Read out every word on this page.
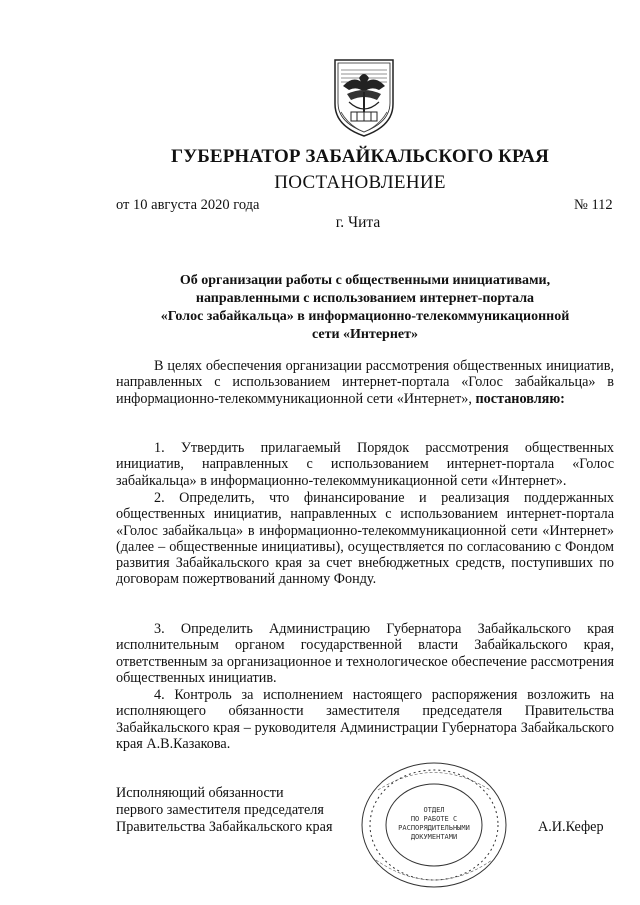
ГУБЕРНАТОР ЗАБАЙКАЛЬСКОГО КРАЯ
ПОСТАНОВЛЕНИЕ
от 10 августа 2020 года	№ 112
г. Чита
Об организации работы с общественными инициативами,
направленными с использованием интернет-портала
«Голос забайкальца» в информационно-телекоммуникационной
сети «Интернет»

В целях обеспечения организации рассмотрения общественных инициатив, направленных с использованием интернет-портала «Голос забайкальца» в информационно-телекоммуникационной сети «Интернет», постановляю:

1. Утвердить прилагаемый Порядок рассмотрения общественных инициатив, направленных с использованием интернет-портала «Голос забайкальца» в информационно-телекоммуникационной сети «Интернет».

2. Определить, что финансирование и реализация поддержанных общественных инициатив, направленных с использованием интернет-портала «Голос забайкальца» в информационно-телекоммуникационной сети «Интернет» (далее – общественные инициативы), осуществляется по согласованию с Фондом развития Забайкальского края за счет внебюджетных средств, поступивших по договорам пожертвований данному Фонду.

3. Определить Администрацию Губернатора Забайкальского края исполнительным органом государственной власти Забайкальского края, ответственным за организационное и технологическое обеспечение рассмотрения общественных инициатив.

4. Контроль за исполнением настоящего распоряжения возложить на исполняющего обязанности заместителя председателя Правительства Забайкальского края – руководителя Администрации Губернатора Забайкальского края А.В.Казакова.

Исполняющий обязанности
первого заместителя председателя
Правительства Забайкальского края	А.И.Кефер
ОТДЕЛ
ПО РАБОТЕ С
РАСПОРЯДИТЕЛЬНЫМИ
ДОКУМЕНТАМИ
